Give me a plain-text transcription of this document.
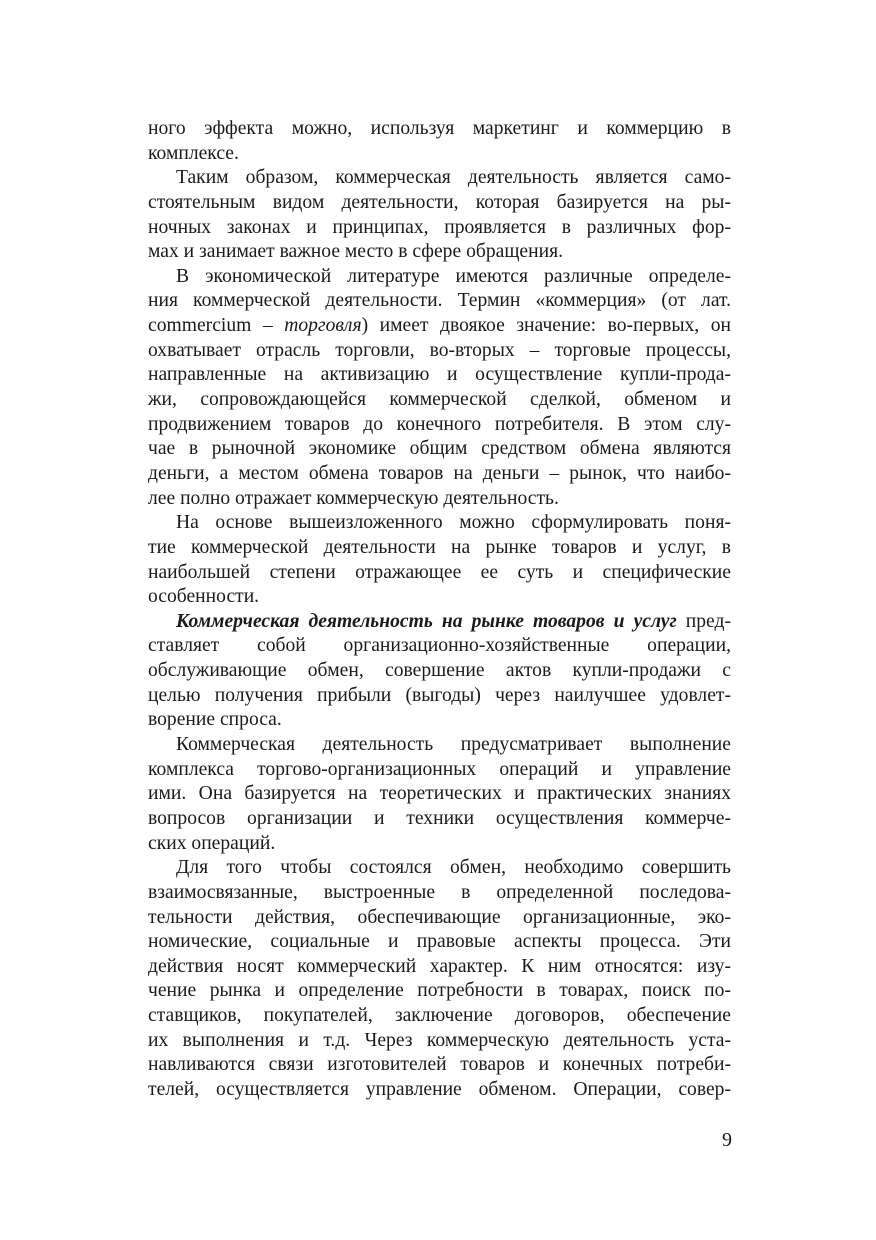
ного эффекта можно, используя маркетинг и коммерцию в
комплексе.
Таким образом, коммерческая деятельность является само-
стоятельным видом деятельности, которая базируется на ры-
ночных законах и принципах, проявляется в различных фор-
мах и занимает важное место в сфере обращения.
В экономической литературе имеются различные определе-
ния коммерческой деятельности. Термин «коммерция» (от лат.
commercium – торговля) имеет двоякое значение: во-первых, он
охватывает отрасль торговли, во-вторых – торговые процессы,
направленные на активизацию и осуществление купли-прода-
жи, сопровождающейся коммерческой сделкой, обменом и
продвижением товаров до конечного потребителя. В этом слу-
чае в рыночной экономике общим средством обмена являются
деньги, а местом обмена товаров на деньги – рынок, что наибо-
лее полно отражает коммерческую деятельность.
На основе вышеизложенного можно сформулировать поня-
тие коммерческой деятельности на рынке товаров и услуг, в
наибольшей степени отражающее ее суть и специфические
особенности.
Коммерческая деятельность на рынке товаров и услуг пред-
ставляет собой организационно-хозяйственные операции,
обслуживающие обмен, совершение актов купли-продажи с
целью получения прибыли (выгоды) через наилучшее удовлет-
ворение спроса.
Коммерческая деятельность предусматривает выполнение
комплекса торгово-организационных операций и управление
ими. Она базируется на теоретических и практических знаниях
вопросов организации и техники осуществления коммерче-
ских операций.
Для того чтобы состоялся обмен, необходимо совершить
взаимосвязанные, выстроенные в определенной последова-
тельности действия, обеспечивающие организационные, эко-
номические, социальные и правовые аспекты процесса. Эти
действия носят коммерческий характер. К ним относятся: изу-
чение рынка и определение потребности в товарах, поиск по-
ставщиков, покупателей, заключение договоров, обеспечение
их выполнения и т.д. Через коммерческую деятельность уста-
навливаются связи изготовителей товаров и конечных потреби-
телей, осуществляется управление обменом. Операции, совер-
9
